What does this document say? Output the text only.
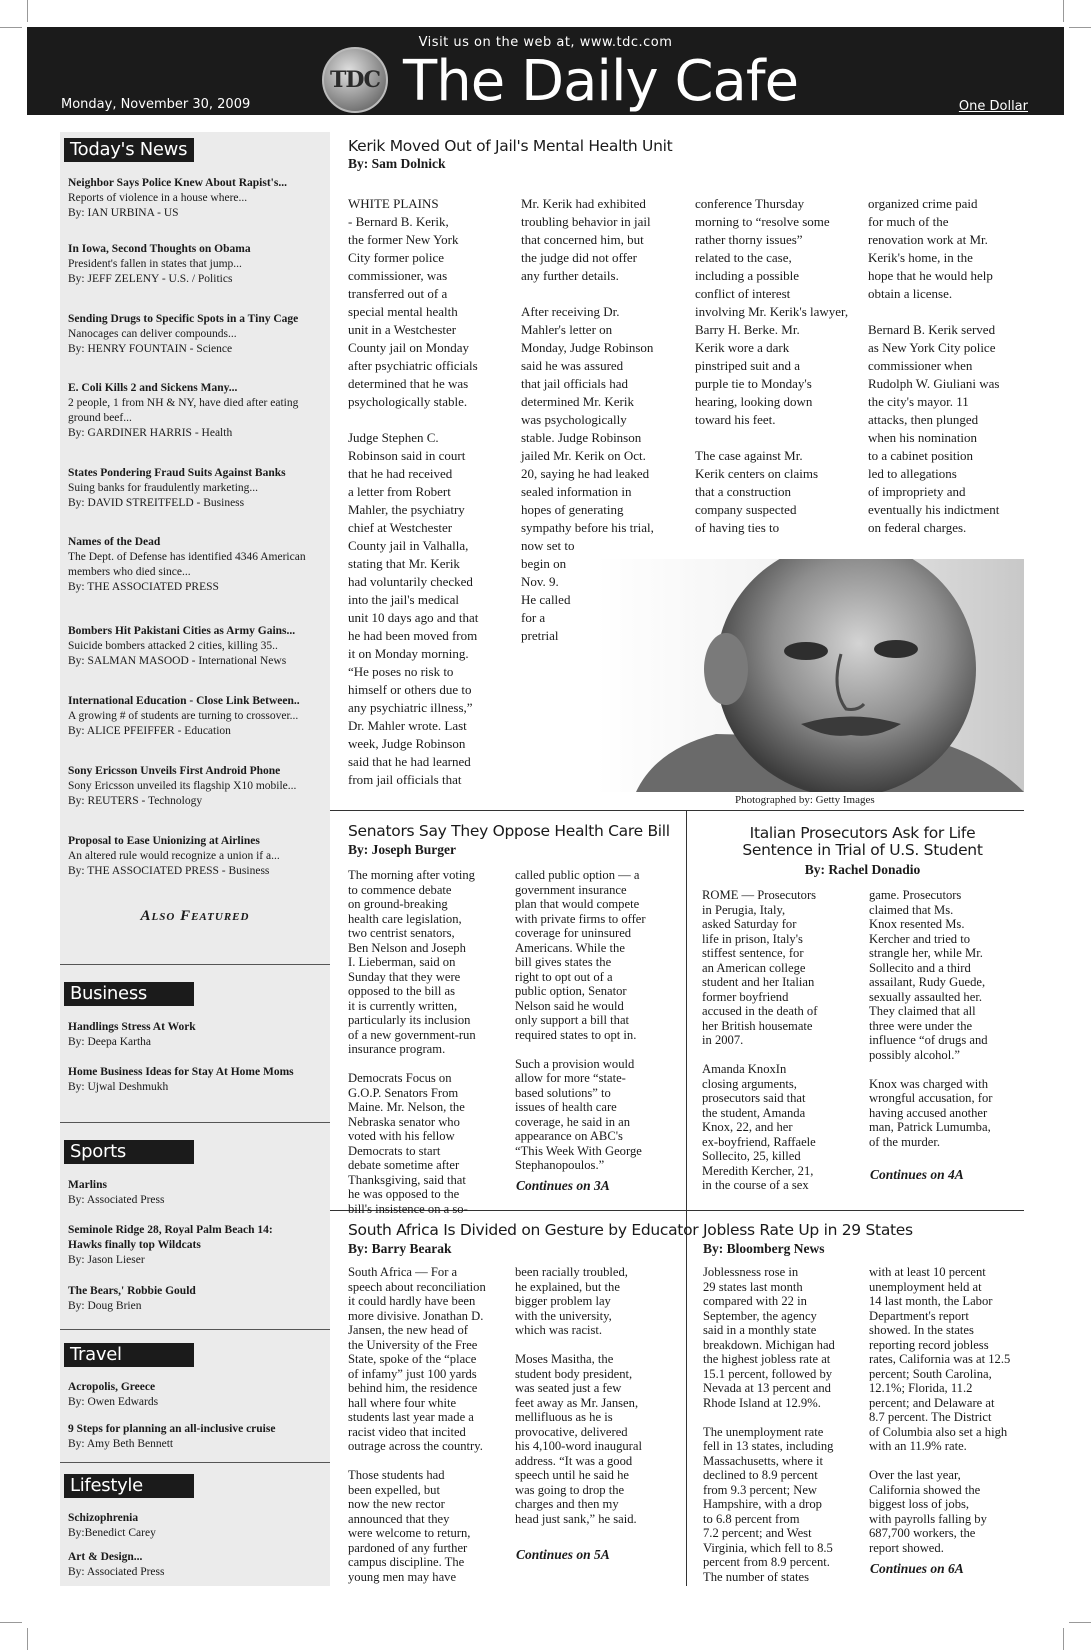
Visit us on the web at, www.tdc.com
TDC The Daily Cafe
Monday, November 30, 2009	One Dollar
Today's News
Neighbor Says Police Knew About Rapist's...
Reports of violence in a house where...
By: IAN URBINA - US
In Iowa, Second Thoughts on Obama
President's fallen in states that jump...
By: JEFF ZELENY - U.S. / Politics
Sending Drugs to Specific Spots in a Tiny Cage
Nanocages can deliver compounds...
By: HENRY FOUNTAIN - Science
E. Coli Kills 2 and Sickens Many...
2 people, 1 from NH & NY, have died after eating ground beef...
By: GARDINER HARRIS - Health
States Pondering Fraud Suits Against Banks
Suing banks for fraudulently marketing...
By: DAVID STREITFELD - Business
Names of the Dead
The Dept. of Defense has identified 4346 American members who died since...
By: THE ASSOCIATED PRESS
Bombers Hit Pakistani Cities as Army Gains...
Suicide bombers attacked 2 cities, killing 35..
By: SALMAN MASOOD - International News
International Education - Close Link Between..
A growing # of students are turning to crossover...
By: ALICE PFEIFFER - Education
Sony Ericsson Unveils First Android Phone
Sony Ericsson unveiled its flagship X10 mobile...
By: REUTERS - Technology
Proposal to Ease Unionizing at Airlines
An altered rule would recognize a union if a...
By: THE ASSOCIATED PRESS - Business
Also Featured
Business
Handlings Stress At Work
By: Deepa Kartha
Home Business Ideas for Stay At Home Moms
By: Ujwal Deshmukh
Sports
Marlins
By: Associated Press
Seminole Ridge 28, Royal Palm Beach 14:
Hawks finally top Wildcats
By: Jason Lieser
The Bears,' Robbie Gould
By: Doug Brien
Travel
Acropolis, Greece
By: Owen Edwards
9 Steps for planning an all-inclusive cruise
By: Amy Beth Bennett
Lifestyle
Schizophrenia
By:Benedict Carey
Art & Design...
By: Associated Press
Kerik Moved Out of Jail's Mental Health Unit
By: Sam Dolnick
WHITE PLAINS
- Bernard B. Kerik,
the former New York
City former police
commissioner, was
transferred out of a
special mental health
unit in a Westchester
County jail on Monday
after psychiatric officials
determined that he was
psychologically stable.

Judge Stephen C.
Robinson said in court
that he had received
a letter from Robert
Mahler, the psychiatry
chief at Westchester
County jail in Valhalla,
stating that Mr. Kerik
had voluntarily checked
into the jail's medical
unit 10 days ago and that
he had been moved from
it on Monday morning.
“He poses no risk to
himself or others due to
any psychiatric illness,”
Dr. Mahler wrote. Last
week, Judge Robinson
said that he had learned
from jail officials that
Mr. Kerik had exhibited
troubling behavior in jail
that concerned him, but
the judge did not offer
any further details.

After receiving Dr.
Mahler's letter on
Monday, Judge Robinson
said he was assured
that jail officials had
determined Mr. Kerik
was psychologically
stable. Judge Robinson
jailed Mr. Kerik on Oct.
20, saying he had leaked
sealed information in
hopes of generating
sympathy before his trial,
now set to
begin on
Nov. 9.
He called
for a
pretrial
conference Thursday
morning to “resolve some
rather thorny issues”
related to the case,
including a possible
conflict of interest
involving Mr. Kerik's lawyer,
Barry H. Berke. Mr.
Kerik wore a dark
pinstriped suit and a
purple tie to Monday's
hearing, looking down
toward his feet.

The case against Mr.
Kerik centers on claims
that a construction
company suspected
of having ties to
organized crime paid
for much of the
renovation work at Mr.
Kerik's home, in the
hope that he would help
obtain a license.

Bernard B. Kerik served
as New York City police
commissioner when
Rudolph W. Giuliani was
the city's mayor. 11
attacks, then plunged
when his nomination
to a cabinet position
led to allegations
of impropriety and
eventually his indictment
on federal charges.
Photographed by: Getty Images
Senators Say They Oppose Health Care Bill
By: Joseph Burger
The morning after voting
to commence debate
on ground-breaking
health care legislation,
two centrist senators,
Ben Nelson and Joseph
I. Lieberman, said on
Sunday that they were
opposed to the bill as
it is currently written,
particularly its inclusion
of a new government-run
insurance program.

Democrats Focus on
G.O.P. Senators From
Maine. Mr. Nelson, the
Nebraska senator who
voted with his fellow
Democrats to start
debate sometime after
Thanksgiving, said that
he was opposed to the
bill's insistence on a so-
called public option — a
government insurance
plan that would compete
with private firms to offer
coverage for uninsured
Americans. While the
bill gives states the
right to opt out of a
public option, Senator
Nelson said he would
only support a bill that
required states to opt in.

Such a provision would
allow for more “state-
based solutions” to
issues of health care
coverage, he said in an
appearance on ABC's
“This Week With George
Stephanopoulos.”
Continues on 3A
Italian Prosecutors Ask for Life
Sentence in Trial of U.S. Student
By: Rachel Donadio
ROME — Prosecutors
in Perugia, Italy,
asked Saturday for
life in prison, Italy's
stiffest sentence, for
an American college
student and her Italian
former boyfriend
accused in the death of
her British housemate
in 2007.

Amanda KnoxIn
closing arguments,
prosecutors said that
the student, Amanda
Knox, 22, and her
ex-boyfriend, Raffaele
Sollecito, 25, killed
Meredith Kercher, 21,
in the course of a sex
game. Prosecutors
claimed that Ms.
Knox resented Ms.
Kercher and tried to
strangle her, while Mr.
Sollecito and a third
assailant, Rudy Guede,
sexually assaulted her.
They claimed that all
three were under the
influence “of drugs and
possibly alcohol.”

Knox was charged with
wrongful accusation, for
having accused another
man, Patrick Lumumba,
of the murder.
Continues on 4A
South Africa Is Divided on Gesture by Educator
By: Barry Bearak
South Africa — For a
speech about reconciliation
it could hardly have been
more divisive. Jonathan D.
Jansen, the new head of
the University of the Free
State, spoke of the “place
of infamy” just 100 yards
behind him, the residence
hall where four white
students last year made a
racist video that incited
outrage across the country.

Those students had
been expelled, but
now the new rector
announced that they
were welcome to return,
pardoned of any further
campus discipline. The
young men may have
been racially troubled,
he explained, but the
bigger problem lay
with the university,
which was racist.

Moses Masitha, the
student body president,
was seated just a few
feet away as Mr. Jansen,
mellifluous as he is
provocative, delivered
his 4,100-word inaugural
address. “It was a good
speech until he said he
was going to drop the
charges and then my
head just sank,” he said.
Continues on 5A
Jobless Rate Up in 29 States
By: Bloomberg News
Joblessness rose in
29 states last month
compared with 22 in
September, the agency
said in a monthly state
breakdown. Michigan had
the highest jobless rate at
15.1 percent, followed by
Nevada at 13 percent and
Rhode Island at 12.9%.

The unemployment rate
fell in 13 states, including
Massachusetts, where it
declined to 8.9 percent
from 9.3 percent; New
Hampshire, with a drop
to 6.8 percent from
7.2 percent; and West
Virginia, which fell to 8.5
percent from 8.9 percent.
The number of states
with at least 10 percent
unemployment held at
14 last month, the Labor
Department's report
showed. In the states
reporting record jobless
rates, California was at 12.5
percent; South Carolina,
12.1%; Florida, 11.2
percent; and Delaware at
8.7 percent. The District
of Columbia also set a high
with an 11.9% rate.

Over the last year,
California showed the
biggest loss of jobs,
with payrolls falling by
687,700 workers, the
report showed.
Continues on 6A
